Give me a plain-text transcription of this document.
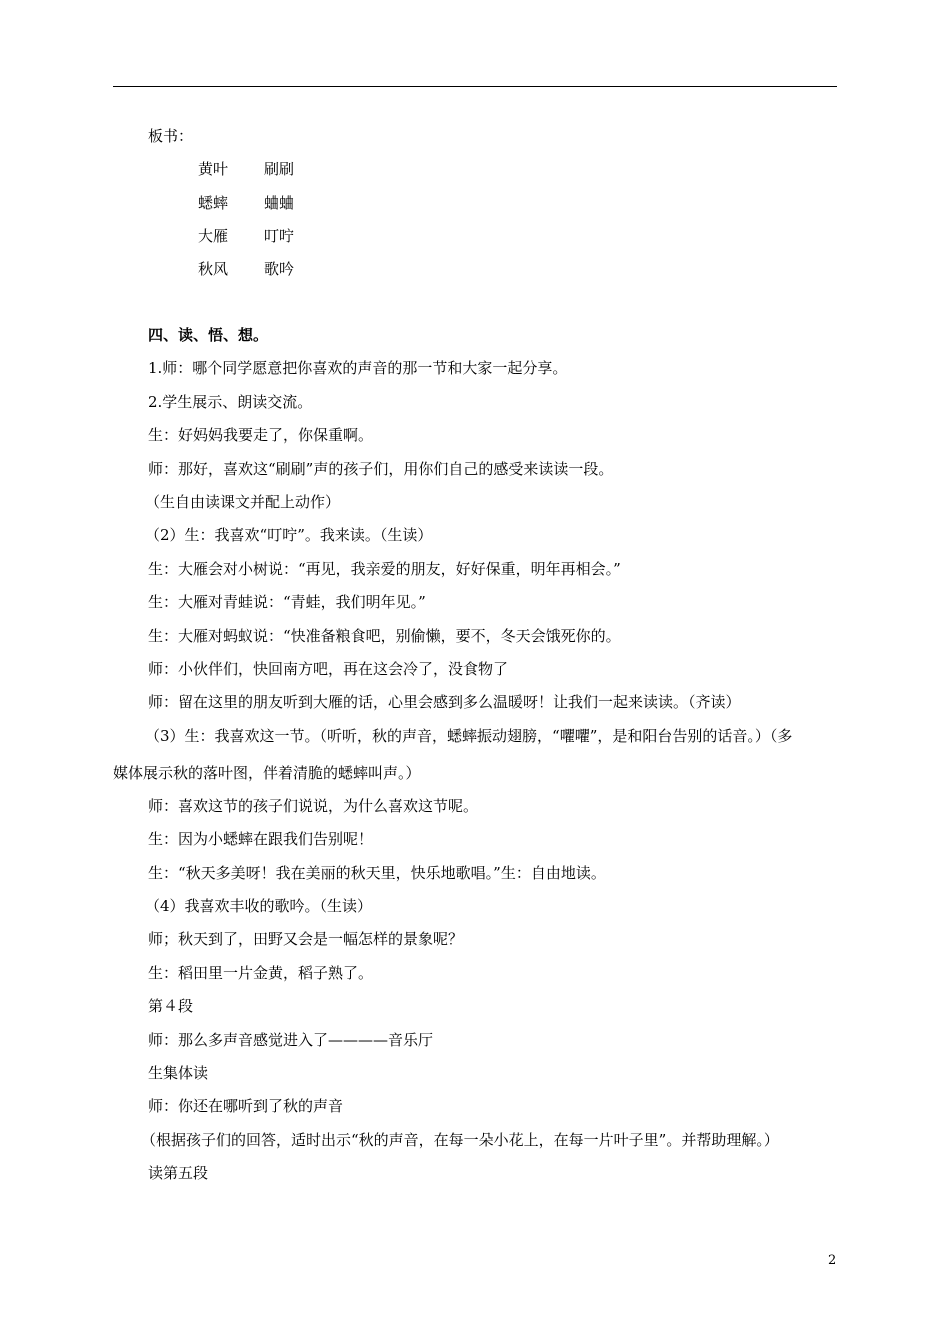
板书：
黄叶 刷刷
蟋蟀 蛐蛐
大雁 叮咛
秋风 歌吟
四、读、悟、想。
1.师：哪个同学愿意把你喜欢的声音的那一节和大家一起分享。
2.学生展示、朗读交流。
生：好妈妈我要走了，你保重啊。
师：那好，喜欢这“刷刷”声的孩子们，用你们自己的感受来读读一段。
（生自由读课文并配上动作）
（2）生：我喜欢“叮咛”。我来读。（生读）
生：大雁会对小树说：“再见，我亲爱的朋友，好好保重，明年再相会。”
生：大雁对青蛙说：“青蛙，我们明年见。”
生：大雁对蚂蚁说：“快准备粮食吧，别偷懒，要不，冬天会饿死你的。
师：小伙伴们，快回南方吧，再在这会冷了，没食物了
师：留在这里的朋友听到大雁的话，心里会感到多么温暖呀！让我们一起来读读。（齐读）
（3）生：我喜欢这一节。（听听，秋的声音，蟋蟀振动翅膀，“㘗㘗”，是和阳台告别的话音。）（多
媒体展示秋的落叶图，伴着清脆的蟋蟀叫声。）
师：喜欢这节的孩子们说说，为什么喜欢这节呢。
生：因为小蟋蟀在跟我们告别呢！
生：“秋天多美呀！我在美丽的秋天里，快乐地歌唱。”生：自由地读。
（4）我喜欢丰收的歌吟。（生读）
师；秋天到了，田野又会是一幅怎样的景象呢？
生：稻田里一片金黄，稻子熟了。
第４段
师：那么多声音感觉进入了————音乐厅
生集体读
师：你还在哪听到了秋的声音
（根据孩子们的回答，适时出示“秋的声音，在每一朵小花上，在每一片叶子里”。并帮助理解。）
读第五段
2
